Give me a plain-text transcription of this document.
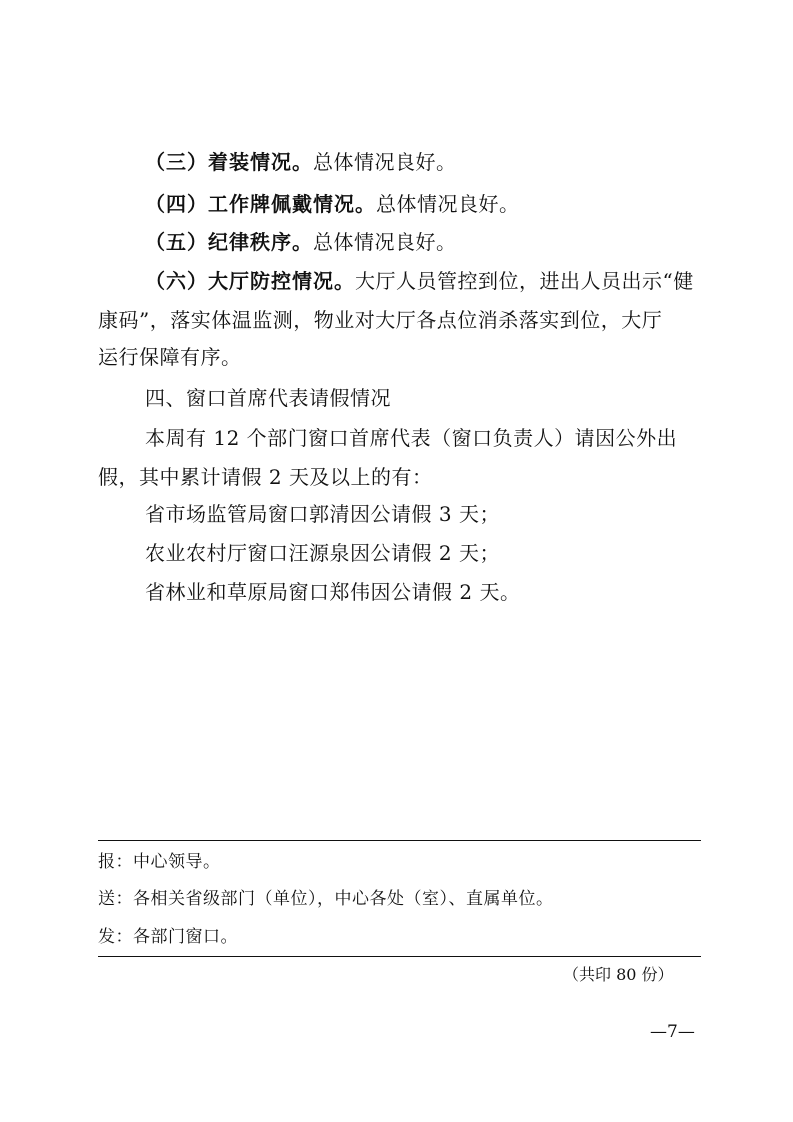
（三）着装情况。总体情况良好。
（四）工作牌佩戴情况。总体情况良好。
（五）纪律秩序。总体情况良好。
（六）大厅防控情况。大厅人员管控到位，进出人员出示“健
康码”，落实体温监测，物业对大厅各点位消杀落实到位，大厅
运行保障有序。
四、窗口首席代表请假情况
本周有 12 个部门窗口首席代表（窗口负责人）请因公外出
假，其中累计请假 2 天及以上的有：
省市场监管局窗口郭清因公请假 3 天；
农业农村厅窗口汪源泉因公请假 2 天；
省林业和草原局窗口郑伟因公请假 2 天。
报：中心领导。
送：各相关省级部门（单位），中心各处（室）、直属单位。
发：各部门窗口。
（共印 80 份）
—7—
